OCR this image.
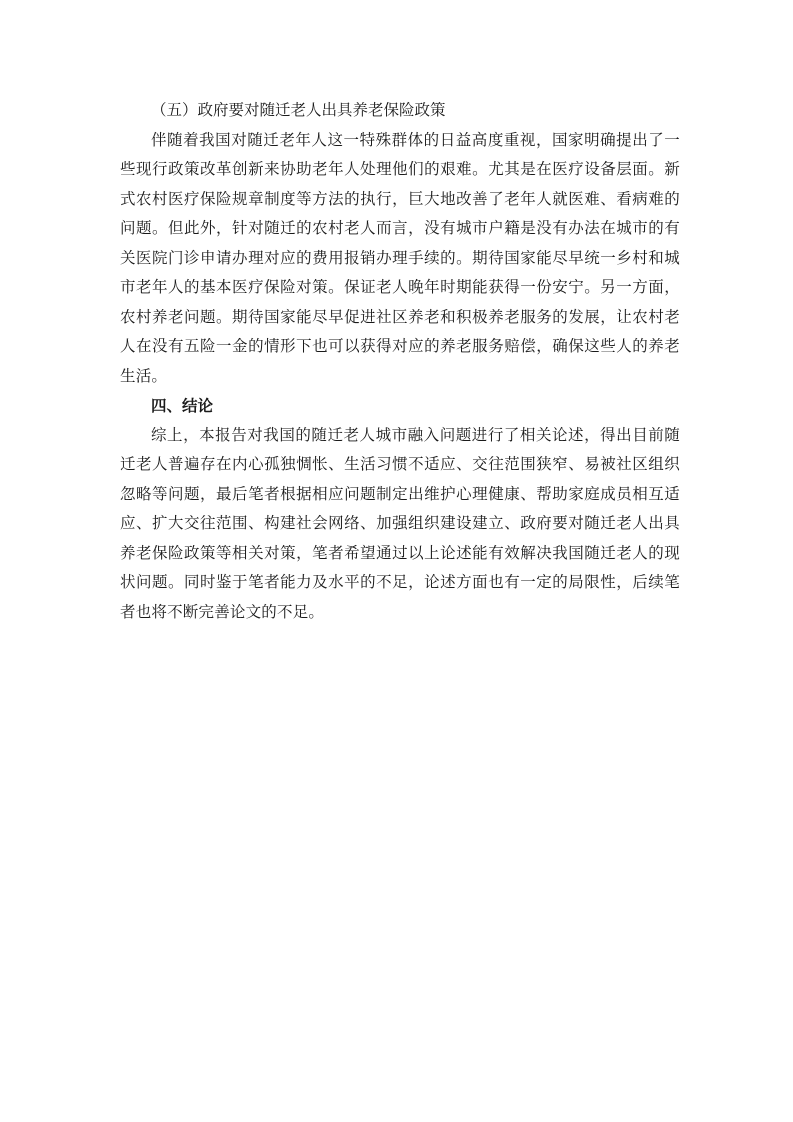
（五）政府要对随迁老人出具养老保险政策

伴随着我国对随迁老年人这一特殊群体的日益高度重视，国家明确提出了一些现行政策改革创新来协助老年人处理他们的艰难。尤其是在医疗设备层面。新式农村医疗保险规章制度等方法的执行，巨大地改善了老年人就医难、看病难的问题。但此外，针对随迁的农村老人而言，没有城市户籍是没有办法在城市的有关医院门诊申请办理对应的费用报销办理手续的。期待国家能尽早统一乡村和城市老年人的基本医疗保险对策。保证老人晚年时期能获得一份安宁。另一方面，农村养老问题。期待国家能尽早促进社区养老和积极养老服务的发展，让农村老人在没有五险一金的情形下也可以获得对应的养老服务赔偿，确保这些人的养老生活。

四、结论

综上，本报告对我国的随迁老人城市融入问题进行了相关论述，得出目前随迁老人普遍存在内心孤独惆怅、生活习惯不适应、交往范围狭窄、易被社区组织忽略等问题，最后笔者根据相应问题制定出维护心理健康、帮助家庭成员相互适应、扩大交往范围、构建社会网络、加强组织建设建立、政府要对随迁老人出具养老保险政策等相关对策，笔者希望通过以上论述能有效解决我国随迁老人的现状问题。同时鉴于笔者能力及水平的不足，论述方面也有一定的局限性，后续笔者也将不断完善论文的不足。
